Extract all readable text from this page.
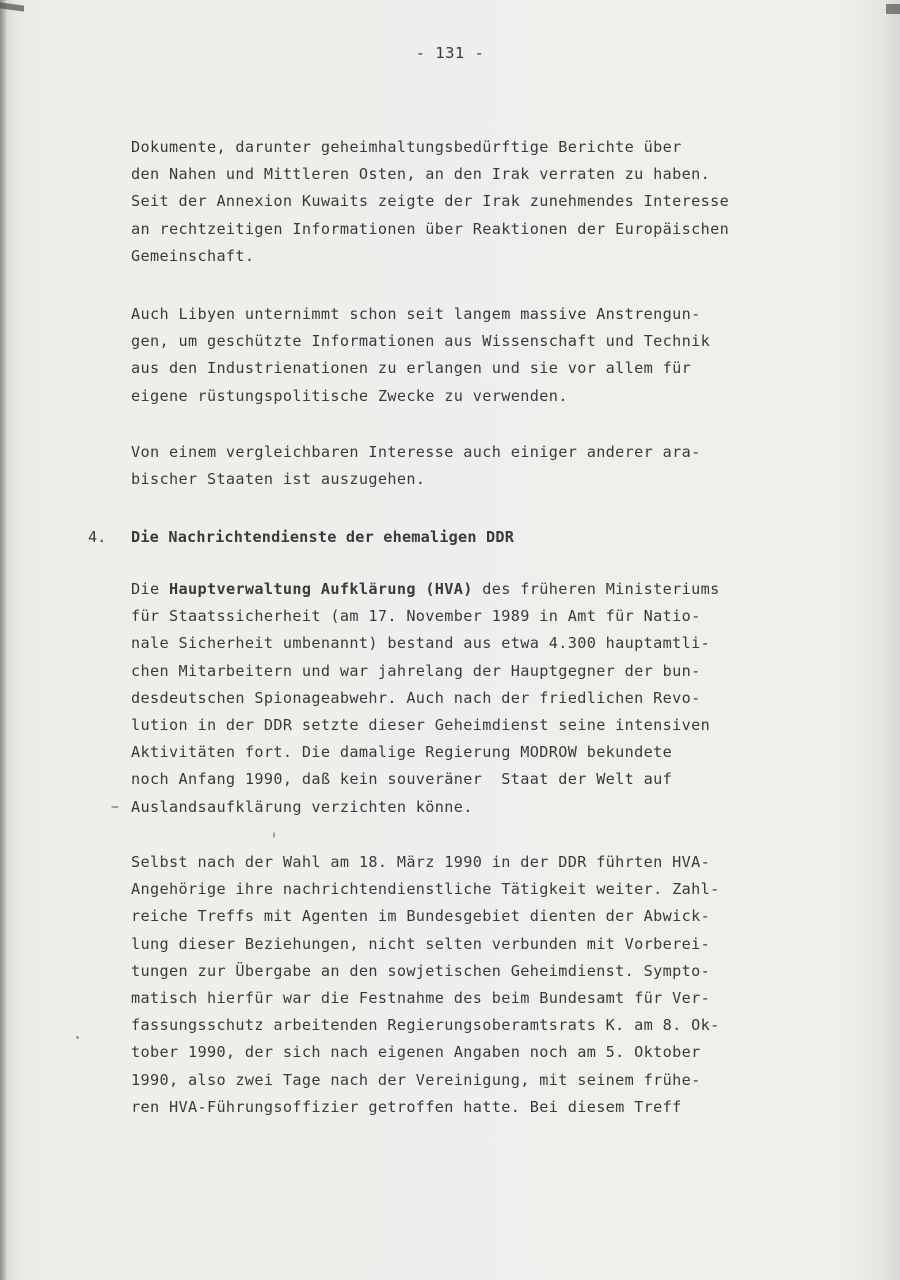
- 131 -
Dokumente, darunter geheimhaltungsbedürftige Berichte über
den Nahen und Mittleren Osten, an den Irak verraten zu haben.
Seit der Annexion Kuwaits zeigte der Irak zunehmendes Interesse
an rechtzeitigen Informationen über Reaktionen der Europäischen
Gemeinschaft.
Auch Libyen unternimmt schon seit langem massive Anstrengun-
gen, um geschützte Informationen aus Wissenschaft und Technik
aus den Industrienationen zu erlangen und sie vor allem für
eigene rüstungspolitische Zwecke zu verwenden.
Von einem vergleichbaren Interesse auch einiger anderer ara-
bischer Staaten ist auszugehen.
4. Die Nachrichtendienste der ehemaligen DDR
Die Hauptverwaltung Aufklärung (HVA) des früheren Ministeriums
für Staatssicherheit (am 17. November 1989 in Amt für Natio-
nale Sicherheit umbenannt) bestand aus etwa 4.300 hauptamtli-
chen Mitarbeitern und war jahrelang der Hauptgegner der bun-
desdeutschen Spionageabwehr. Auch nach der friedlichen Revo-
lution in der DDR setzte dieser Geheimdienst seine intensiven
Aktivitäten fort. Die damalige Regierung MODROW bekundete
noch Anfang 1990, daß kein souveräner  Staat der Welt auf
Auslandsaufklärung verzichten könne.
Selbst nach der Wahl am 18. März 1990 in der DDR führten HVA-
Angehörige ihre nachrichtendienstliche Tätigkeit weiter. Zahl-
reiche Treffs mit Agenten im Bundesgebiet dienten der Abwick-
lung dieser Beziehungen, nicht selten verbunden mit Vorberei-
tungen zur Übergabe an den sowjetischen Geheimdienst. Sympto-
matisch hierfür war die Festnahme des beim Bundesamt für Ver-
fassungsschutz arbeitenden Regierungsoberamtsrats K. am 8. Ok-
tober 1990, der sich nach eigenen Angaben noch am 5. Oktober
1990, also zwei Tage nach der Vereinigung, mit seinem frühe-
ren HVA-Führungsoffizier getroffen hatte. Bei diesem Treff
